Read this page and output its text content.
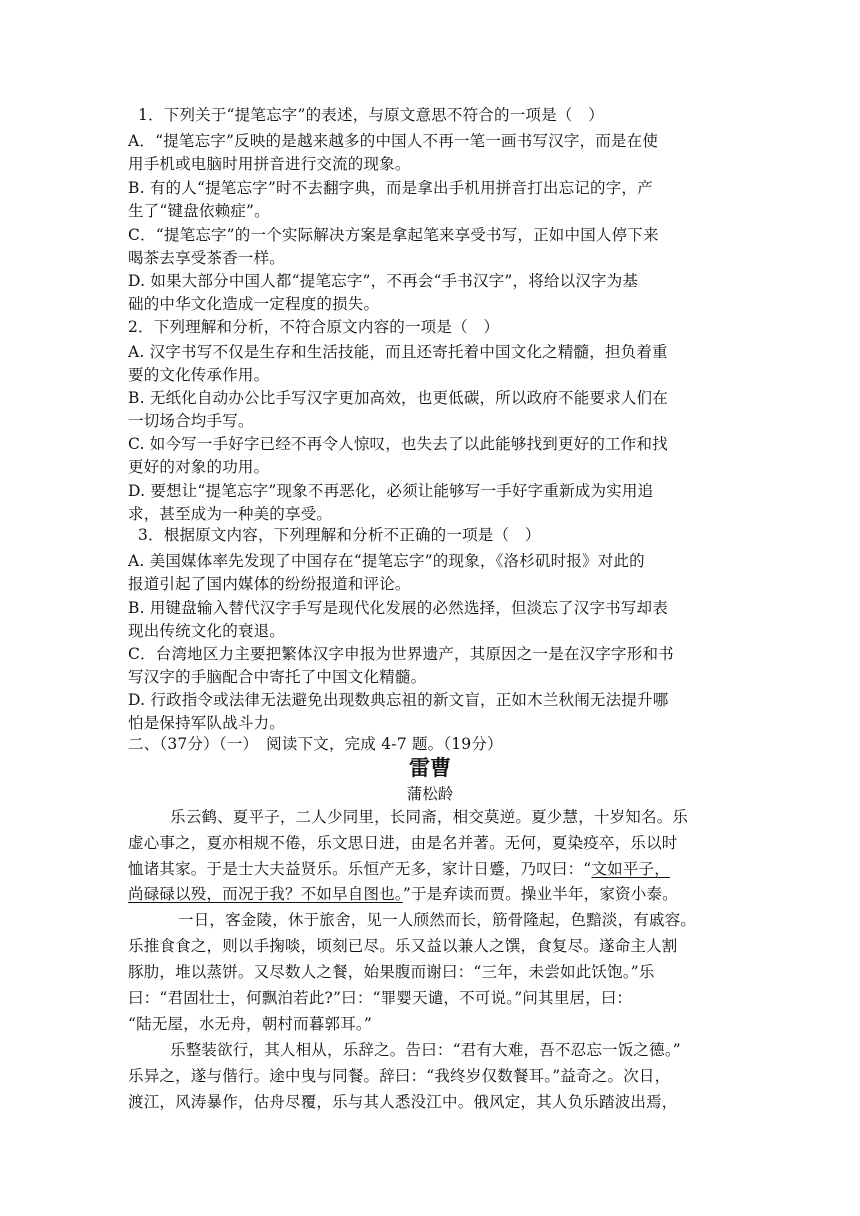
1．下列关于“提笔忘字”的表述，与原文意思不符合的一项是（　）
A．“提笔忘字”反映的是越来越多的中国人不再一笔一画书写汉字，而是在使
用手机或电脑时用拼音进行交流的现象。
B. 有的人“提笔忘字”时不去翻字典，而是拿出手机用拼音打出忘记的字，产
生了“键盘依赖症”。
C．“提笔忘字”的一个实际解决方案是拿起笔来享受书写，正如中国人停下来
喝茶去享受茶香一样。
D. 如果大部分中国人都“提笔忘字”，不再会“手书汉字”，将给以汉字为基
础的中华文化造成一定程度的损失。
2．下列理解和分析，不符合原文内容的一项是（　）
A. 汉字书写不仅是生存和生活技能，而且还寄托着中国文化之精髓，担负着重
要的文化传承作用。
B. 无纸化自动办公比手写汉字更加高效，也更低碳，所以政府不能要求人们在
一切场合均手写。
C. 如今写一手好字已经不再令人惊叹，也失去了以此能够找到更好的工作和找
更好的对象的功用。
D. 要想让“提笔忘字”现象不再恶化，必须让能够写一手好字重新成为实用追
求，甚至成为一种美的享受。
3．根据原文内容，下列理解和分析不正确的一项是（　）
A. 美国媒体率先发现了中国存在“提笔忘字”的现象，《洛杉矶时报》对此的
报道引起了国内媒体的纷纷报道和评论。
B. 用键盘输入替代汉字手写是现代化发展的必然选择，但淡忘了汉字书写却表
现出传统文化的衰退。
C．台湾地区力主要把繁体汉字申报为世界遗产，其原因之一是在汉字字形和书
写汉字的手脑配合中寄托了中国文化精髓。
D. 行政指令或法律无法避免出现数典忘祖的新文盲，正如木兰秋闱无法提升哪
怕是保持军队战斗力。
二、（37分）（一）　阅读下文，完成 4-7 题。（19分）
雷曹
蒲松龄
乐云鹤、夏平子，二人少同里，长同斋，相交莫逆。夏少慧，十岁知名。乐
虚心事之，夏亦相规不倦，乐文思日进，由是名并著。无何，夏染疫卒，乐以时
恤诸其家。于是士大夫益贤乐。乐恒产无多，家计日蹙，乃叹曰：“文如平子，
尚碌碌以殁，而况于我？不如早自图也。”于是弃读而贾。操业半年，家资小泰。
一日，客金陵，休于旅舍，见一人颀然而长，筋骨隆起，色黯淡，有戚容。
乐推食食之，则以手掬啖，顷刻已尽。乐又益以兼人之馔，食复尽。遂命主人割
豚肋，堆以蒸饼。又尽数人之餐，始果腹而谢曰：“三年，未尝如此饫饱。”乐
曰：“君固壮士，何飘泊若此?”曰：“罪婴天谴，不可说。”问其里居，曰：
“陆无屋，水无舟，朝村而暮郭耳。”
乐整装欲行，其人相从，乐辞之。告曰：“君有大难，吾不忍忘一饭之德。”
乐异之，遂与偕行。途中曳与同餐。辞曰：“我终岁仅数餐耳。”益奇之。次日，
渡江，风涛暴作，估舟尽覆，乐与其人悉没江中。俄风定，其人负乐踏波出焉，
